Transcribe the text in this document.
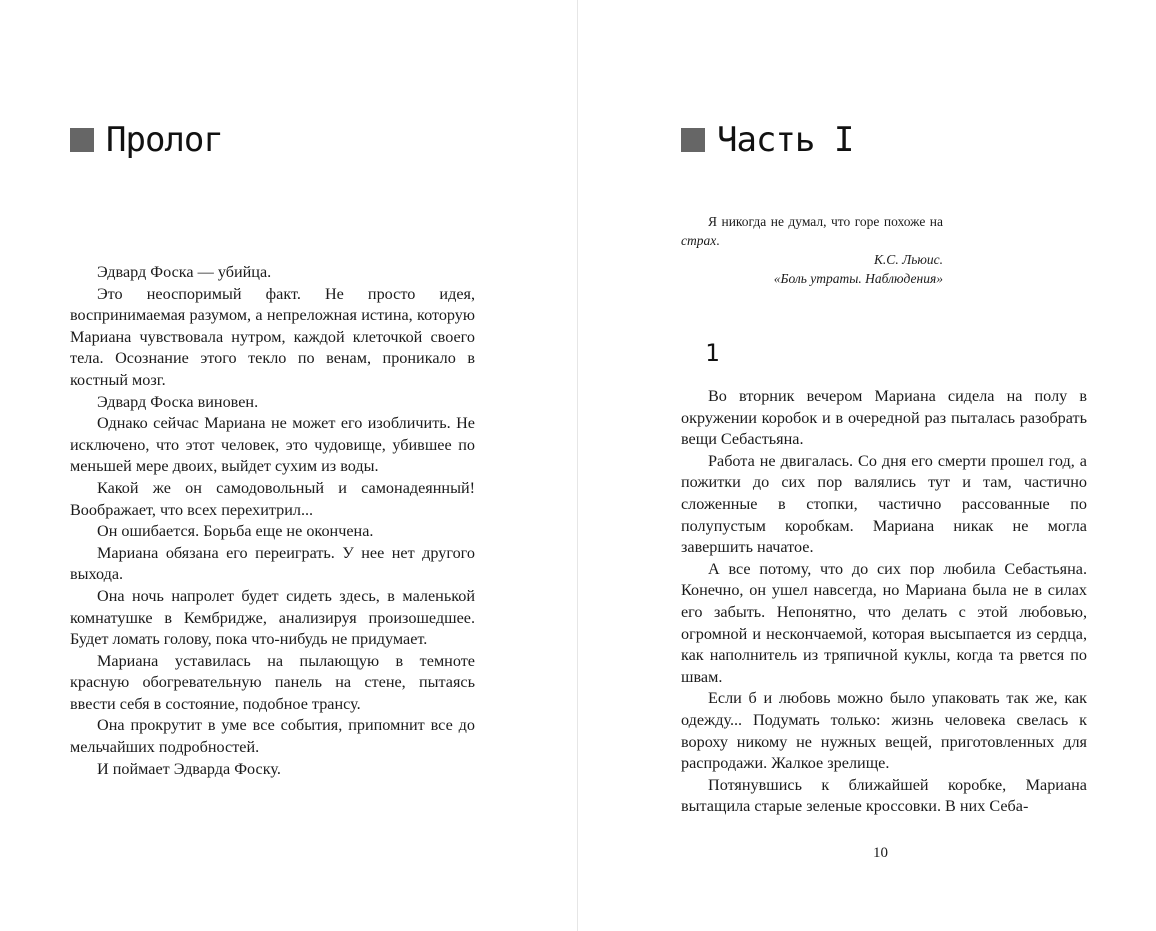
Пролог

Эдвард Фоска — убийца.

Это неоспоримый факт. Не просто идея, воспринимаемая разумом, а непреложная истина, которую Мариана чувствовала нутром, каждой клеточкой своего тела. Осознание этого текло по венам, проникало в костный мозг.

Эдвард Фоска виновен.

Однако сейчас Мариана не может его изобличить. Не исключено, что этот человек, это чудовище, убившее по меньшей мере двоих, выйдет сухим из воды.

Какой же он самодовольный и самонадеянный! Воображает, что всех перехитрил...

Он ошибается. Борьба еще не окончена.

Мариана обязана его переиграть. У нее нет другого выхода.

Она ночь напролет будет сидеть здесь, в маленькой комнатушке в Кембридже, анализируя произошедшее. Будет ломать голову, пока что-нибудь не придумает.

Мариана уставилась на пылающую в темноте красную обогревательную панель на стене, пытаясь ввести себя в состояние, подобное трансу.

Она прокрутит в уме все события, припомнит все до мельчайших подробностей.

И поймает Эдварда Фоску.

Часть I
Я никогда не думал, что горе похоже на страх.
К.С. Льюис.
«Боль утраты. Наблюдения»
1

Во вторник вечером Мариана сидела на полу в окружении коробок и в очередной раз пыталась разобрать вещи Себастьяна.

Работа не двигалась. Со дня его смерти прошел год, а пожитки до сих пор валялись тут и там, частично сложенные в стопки, частично рассованные по полупустым коробкам. Мариана никак не могла завершить начатое.

А все потому, что до сих пор любила Себастьяна. Конечно, он ушел навсегда, но Мариана была не в силах его забыть. Непонятно, что делать с этой любовью, огромной и нескончаемой, которая высыпается из сердца, как наполнитель из тряпичной куклы, когда та рвется по швам.

Если б и любовь можно было упаковать так же, как одежду... Подумать только: жизнь человека свелась к вороху никому не нужных вещей, приготовленных для распродажи. Жалкое зрелище.

Потянувшись к ближайшей коробке, Мариана вытащила старые зеленые кроссовки. В них Себа-

10
